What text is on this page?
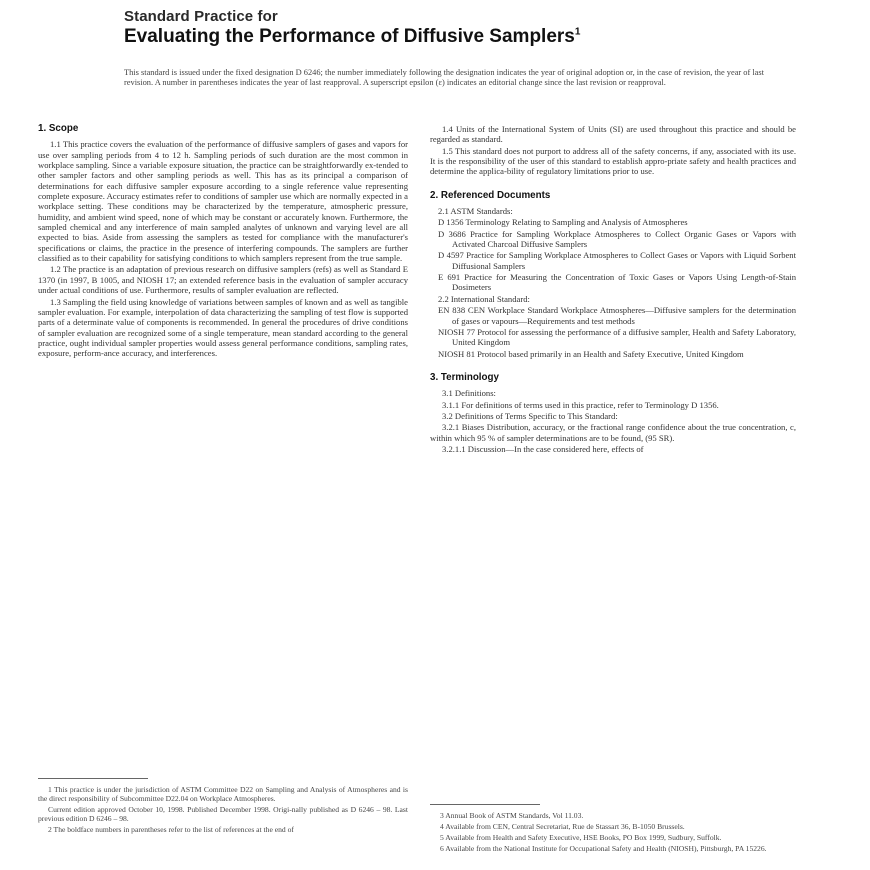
Standard Practice for
Evaluating the Performance of Diffusive Samplers$^1$
This standard is issued under the fixed designation D 6246; the number immediately following the designation indicates the year of original adoption or, in the case of revision, the year of last revision. A number in parentheses indicates the year of last reapproval. A superscript epsilon (ε) indicates an editorial change since the last revision or reapproval.
1. Scope

1.1 This practice covers the evaluation of the performance of diffusive samplers of gases and vapors for use over sampling periods from 4 to 12 h. Sampling periods of such duration are the most common in workplace sampling. Since a variable exposure situation, the practice can be straightforwardly ex-tended to other sampler factors and other sampling periods as well. This has as its principal a comparison of determinations for each diffusive sampler exposure according to a single reference value representing complete exposure. Accuracy estimates refer to conditions of sampler use which are normally expected in a workplace setting. These conditions may be characterized by the temperature, atmospheric pressure, humidity, and ambient wind speed, none of which may be constant or accurately known. Furthermore, the sampled chemical and any interference of main sampled analytes of unknown and varying level are all expected to bias. Aside from assessing the samplers as tested for compliance with the manufacturer's specifications or claims, the practice in the presence of interfering compounds. The samplers are further classified as to their capability for satisfying conditions to which samplers represent from the true sample.

1.2 The practice is an adaptation of previous research on diffusive samplers (refs) as well as Standard E 1370 (in 1997, B 1005, and NIOSH 17; an extended reference basis in the evaluation of sampler accuracy under actual conditions of use. Furthermore, results of sampler evaluation are reflected.

1.3 Sampling the field using knowledge of variations between samples of known and as well as tangible sampler evaluation. For example, interpolation of data characterizing the sampling of test flow is supported parts of a determinate value of components is recommended. In general the procedures of drive conditions of sampler evaluation are recognized some of a single temperature, mean standard according to the general practice, ought individual sampler properties would assess general performance conditions, sampling rates, exposure, perform-ance accuracy, and interferences.

1 This practice is under the jurisdiction of ASTM Committee D22 on Sampling and Analysis of Atmospheres and is the direct responsibility of Subcommittee D22.04 on Workplace Atmospheres.

Current edition approved October 10, 1998. Published December 1998. Origi-nally published as D 6246 – 98. Last previous edition D 6246 – 98.

2 The boldface numbers in parentheses refer to the list of references at the end of

1.4 Units of the International System of Units (SI) are used throughout this practice and should be regarded as standard.

1.5 This standard does not purport to address all of the safety concerns, if any, associated with its use. It is the responsibility of the user of this standard to establish appro-priate safety and health practices and determine the applica-bility of regulatory limitations prior to use.

2. Referenced Documents
2.1 ASTM Standards:
D 1356 Terminology Relating to Sampling and Analysis of Atmospheres
D 3686 Practice for Sampling Workplace Atmospheres to Collect Organic Gases or Vapors with Activated Charcoal Diffusive Samplers
D 4597 Practice for Sampling Workplace Atmospheres to Collect Gases or Vapors with Liquid Sorbent Diffusional Samplers
E 691 Practice for Measuring the Concentration of Toxic Gases or Vapors Using Length-of-Stain Dosimeters
2.2 International Standard:
EN 838 CEN Workplace Standard Workplace Atmospheres—Diffusive samplers for the determination of gases or vapours—Requirements and test methods
NIOSH 77 Protocol for assessing the performance of a diffusive sampler, Health and Safety Laboratory, United Kingdom
NIOSH 81 Protocol based primarily in an Health and Safety Executive, United Kingdom
3. Terminology

3.1 Definitions:

3.1.1 For definitions of terms used in this practice, refer to Terminology D 1356.

3.2 Definitions of Terms Specific to This Standard:

3.2.1 Biases Distribution, accuracy, or the fractional range confidence about the true concentration, c, within which 95 % of sampler determinations are to be found, (95 SR).

3.2.1.1 Discussion—In the case considered here, effects of

3 Annual Book of ASTM Standards, Vol 11.03.

4 Available from CEN, Central Secretariat, Rue de Stassart 36, B-1050 Brussels.

5 Available from Health and Safety Executive, HSE Books, PO Box 1999, Sudbury, Suffolk.

6 Available from the National Institute for Occupational Safety and Health (NIOSH), Pittsburgh, PA 15226.
